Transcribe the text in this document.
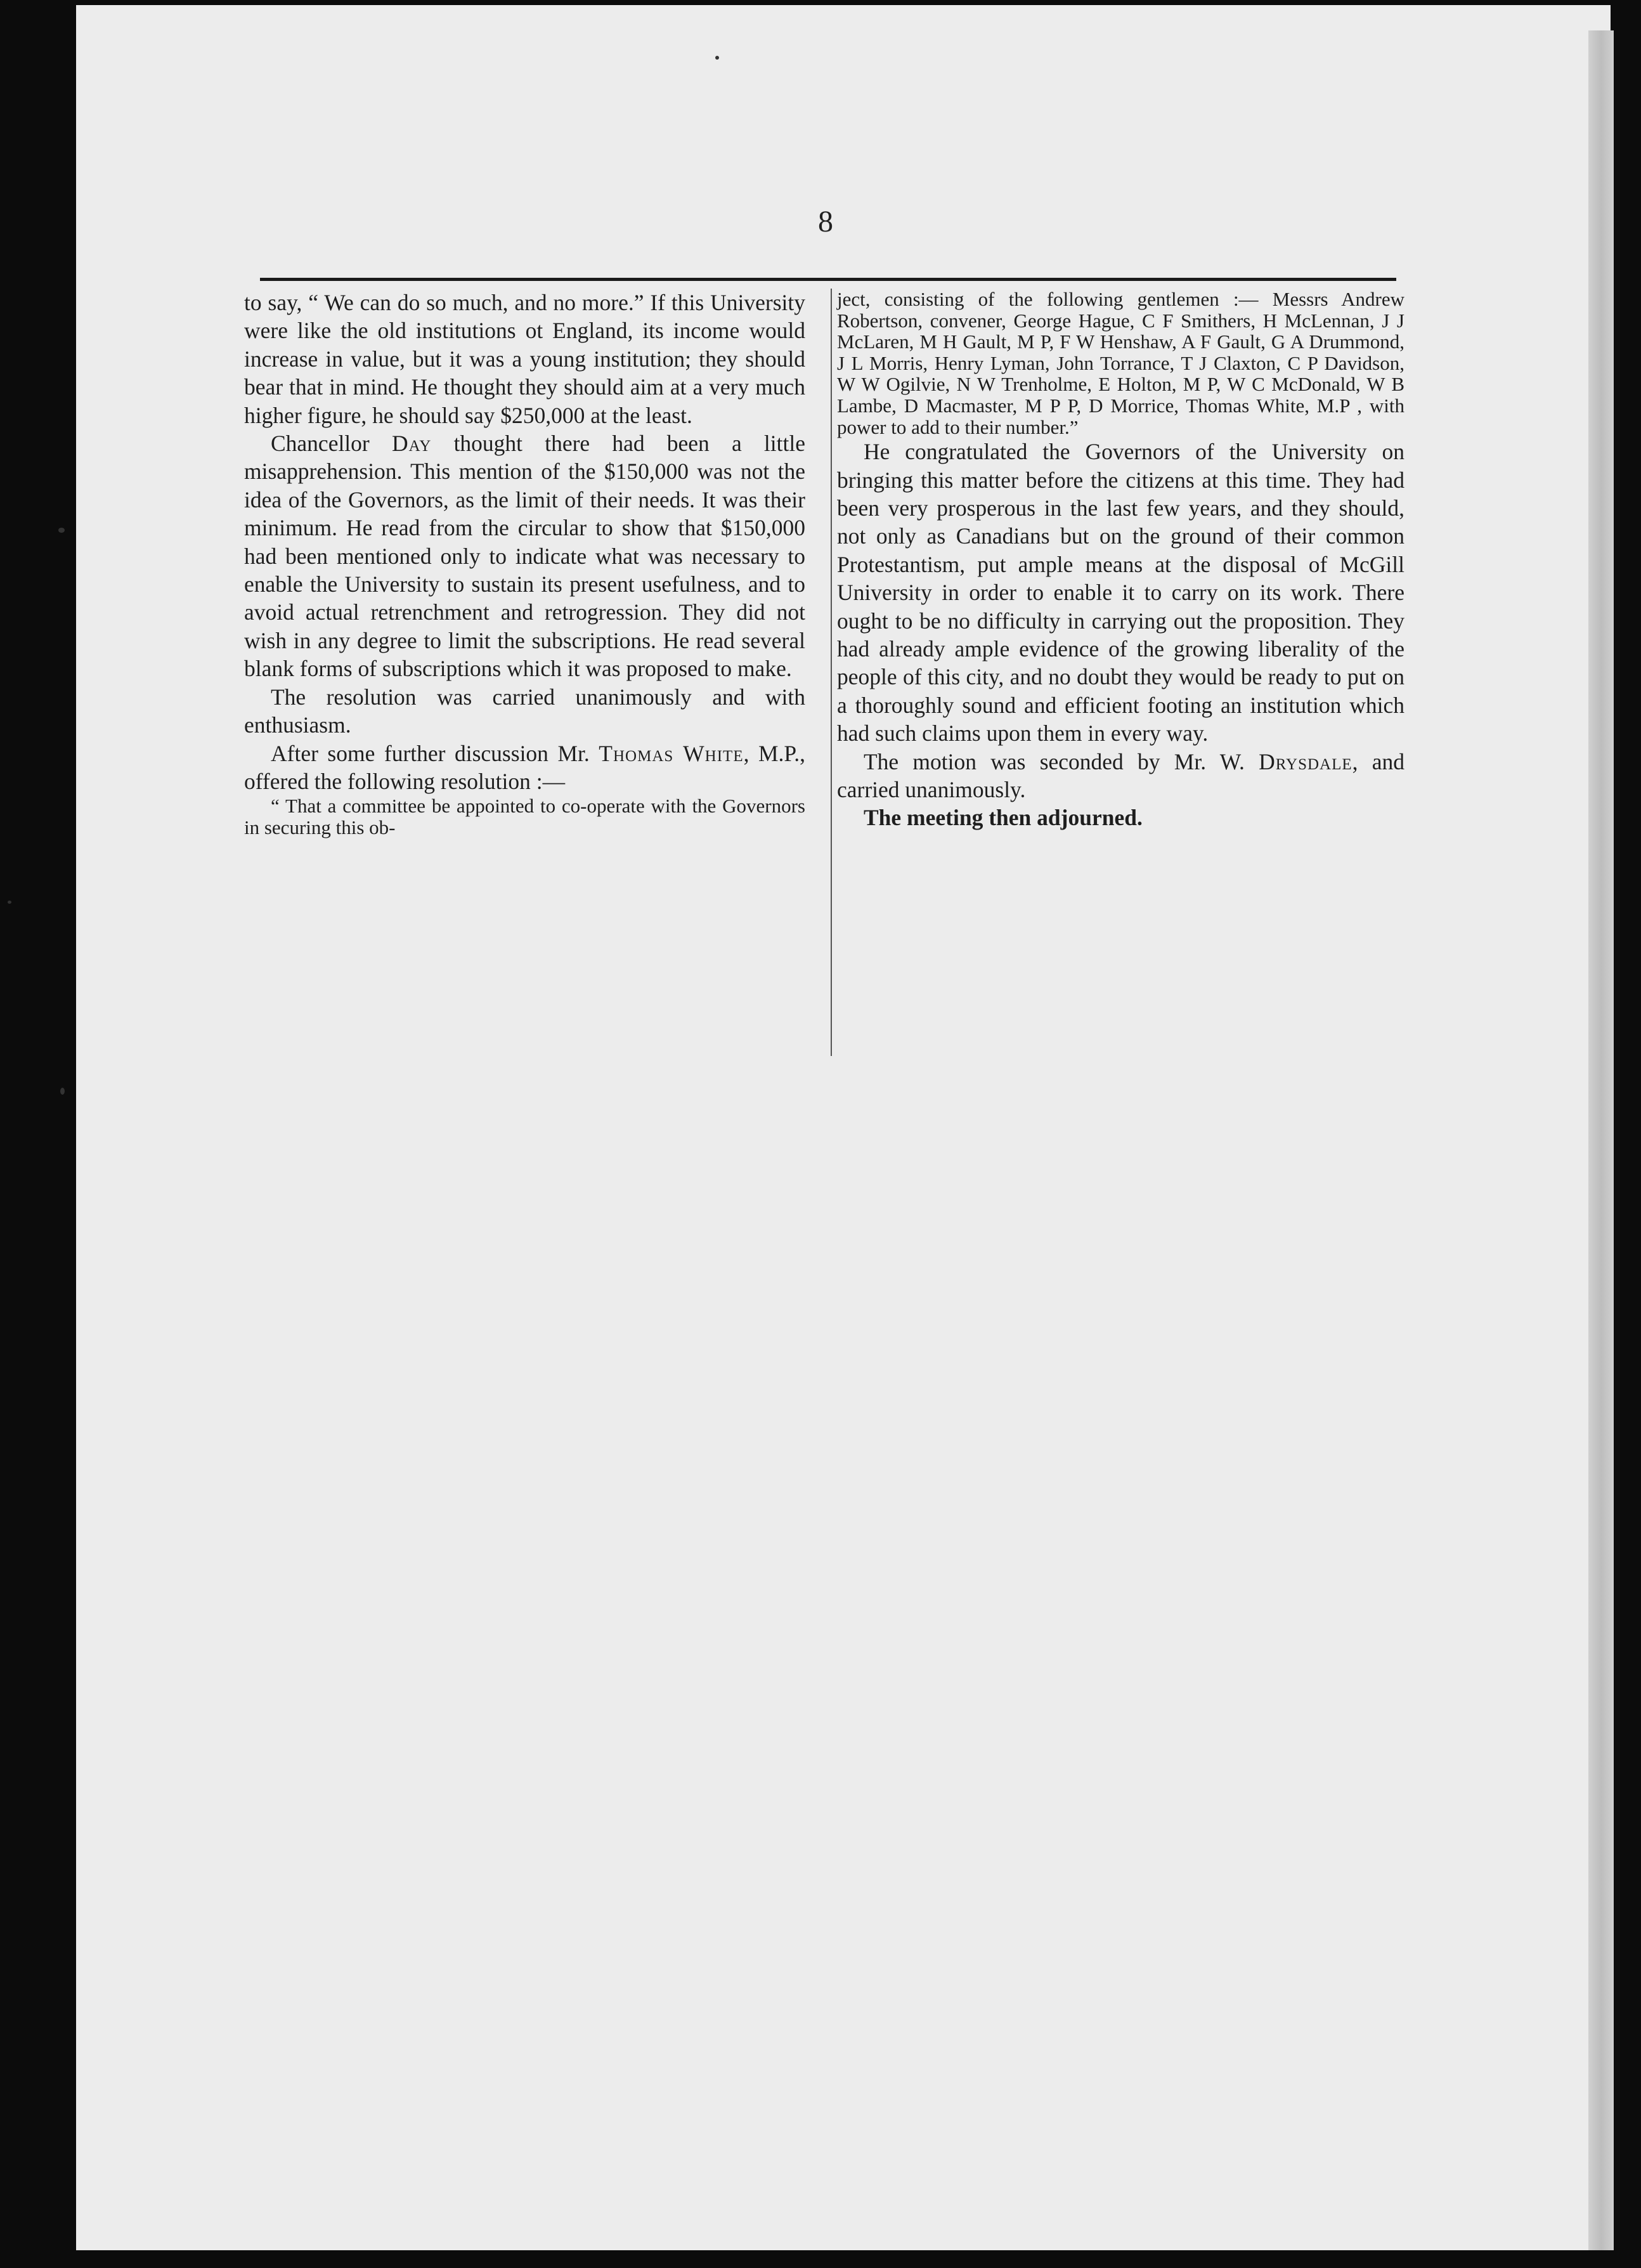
8

to say, “ We can do so much, and no more.” If this University were like the old institutions ot England, its income would increase in value, but it was a young institution; they should bear that in mind. He thought they should aim at a very much higher figure, he should say $250,000 at the least.

Chancellor Day thought there had been a little misapprehension. This mention of the $150,000 was not the idea of the Governors, as the limit of their needs. It was their minimum. He read from the circular to show that $150,000 had been mentioned only to indicate what was necessary to enable the University to sustain its present usefulness, and to avoid actual retrenchment and retrogression. They did not wish in any degree to limit the subscriptions. He read several blank forms of subscriptions which it was proposed to make.

The resolution was carried unanimously and with enthusiasm.

After some further discussion Mr. Thomas White, M.P., offered the following resolution :—

“ That a committee be appointed to co-operate with the Governors in securing this ob-

ject, consisting of the following gentlemen :— Messrs Andrew Robertson, convener, George Hague, C F Smithers, H McLennan, J J McLaren, M H Gault, M P, F W Henshaw, A F Gault, G A Drummond, J L Morris, Henry Lyman, John Torrance, T J Claxton, C P Davidson, W W Ogilvie, N W Trenholme, E Holton, M P, W C McDonald, W B Lambe, D Macmaster, M P P, D Morrice, Thomas White, M.P , with power to add to their number.”

He congratulated the Governors of the University on bringing this matter before the citizens at this time. They had been very prosperous in the last few years, and they should, not only as Canadians but on the ground of their common Protestantism, put ample means at the disposal of McGill University in order to enable it to carry on its work. There ought to be no difficulty in carrying out the proposition. They had already ample evidence of the growing liberality of the people of this city, and no doubt they would be ready to put on a thoroughly sound and efficient footing an institution which had such claims upon them in every way.

The motion was seconded by Mr. W. Drysdale, and carried unanimously.

The meeting then adjourned.
